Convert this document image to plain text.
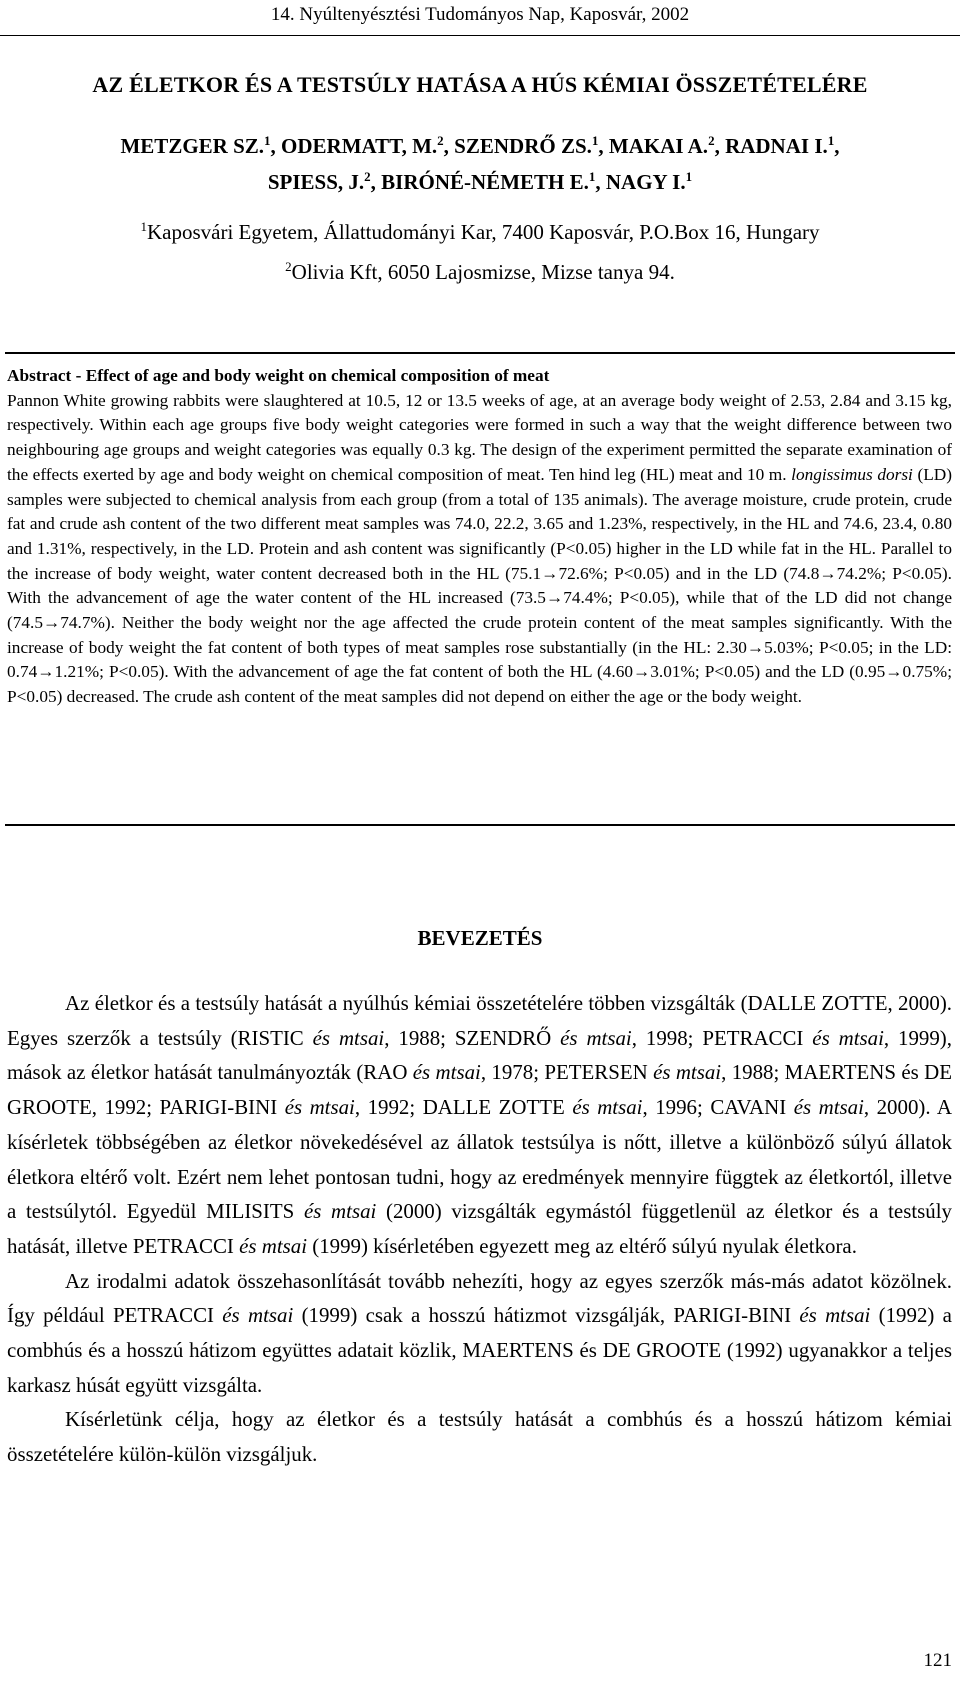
14. Nyúltenyésztési Tudományos Nap, Kaposvár, 2002
AZ ÉLETKOR ÉS A TESTSÚLY HATÁSA A HÚS KÉMIAI ÖSSZETÉTELÉRE
METZGER SZ.$^1$, ODERMATT, M.$^2$, SZENDRŐ ZS.$^1$, MAKAI A.$^2$, RADNAI I.$^1$,
SPIESS, J.$^2$, BIRÓNÉ-NÉMETH E.$^1$, NAGY I.$^1$
$^1$Kaposvári Egyetem, Állattudományi Kar, 7400 Kaposvár, P.O.Box 16, Hungary
$^2$Olivia Kft, 6050 Lajosmizse, Mizse tanya 94.
Abstract - Effect of age and body weight on chemical composition of meat
Pannon White growing rabbits were slaughtered at 10.5, 12 or 13.5 weeks of age, at an average body weight of 2.53, 2.84 and 3.15 kg, respectively. Within each age groups five body weight categories were formed in such a way that the weight difference between two neighbouring age groups and weight categories was equally 0.3 kg. The design of the experiment permitted the separate examination of the effects exerted by age and body weight on chemical composition of meat. Ten hind leg (HL) meat and 10 m. longissimus dorsi (LD) samples were subjected to chemical analysis from each group (from a total of 135 animals). The average moisture, crude protein, crude fat and crude ash content of the two different meat samples was 74.0, 22.2, 3.65 and 1.23%, respectively, in the HL and 74.6, 23.4, 0.80 and 1.31%, respectively, in the LD. Protein and ash content was significantly (P<0.05) higher in the LD while fat in the HL. Parallel to the increase of body weight, water content decreased both in the HL (75.1→72.6%; P<0.05) and in the LD (74.8→74.2%; P<0.05). With the advancement of age the water content of the HL increased (73.5→74.4%; P<0.05), while that of the LD did not change (74.5→74.7%). Neither the body weight nor the age affected the crude protein content of the meat samples significantly. With the increase of body weight the fat content of both types of meat samples rose substantially (in the HL: 2.30→5.03%; P<0.05; in the LD: 0.74→1.21%; P<0.05). With the advancement of age the fat content of both the HL (4.60→3.01%; P<0.05) and the LD (0.95→0.75%; P<0.05) decreased. The crude ash content of the meat samples did not depend on either the age or the body weight.
BEVEZETÉS

Az életkor és a testsúly hatását a nyúlhús kémiai összetételére többen vizsgálták (DALLE ZOTTE, 2000). Egyes szerzők a testsúly (RISTIC és mtsai, 1988; SZENDRŐ és mtsai, 1998; PETRACCI és mtsai, 1999), mások az életkor hatását tanulmányozták (RAO és mtsai, 1978; PETERSEN és mtsai, 1988; MAERTENS és DE GROOTE, 1992; PARIGI-BINI és mtsai, 1992; DALLE ZOTTE és mtsai, 1996; CAVANI és mtsai, 2000). A kísérletek többségében az életkor növekedésével az állatok testsúlya is nőtt, illetve a különböző súlyú állatok életkora eltérő volt. Ezért nem lehet pontosan tudni, hogy az eredmények mennyire függtek az életkortól, illetve a testsúlytól. Egyedül MILISITS és mtsai (2000) vizsgálták egymástól függetlenül az életkor és a testsúly hatását, illetve PETRACCI és mtsai (1999) kísérletében egyezett meg az eltérő súlyú nyulak életkora.

Az irodalmi adatok összehasonlítását tovább nehezíti, hogy az egyes szerzők más-más adatot közölnek. Így például PETRACCI és mtsai (1999) csak a hosszú hátizmot vizsgálják, PARIGI-BINI és mtsai (1992) a combhús és a hosszú hátizom együttes adatait közlik, MAERTENS és DE GROOTE (1992) ugyanakkor a teljes karkasz húsát együtt vizsgálta.

Kísérletünk célja, hogy az életkor és a testsúly hatását a combhús és a hosszú hátizom kémiai összetételére külön-külön vizsgáljuk.

121
